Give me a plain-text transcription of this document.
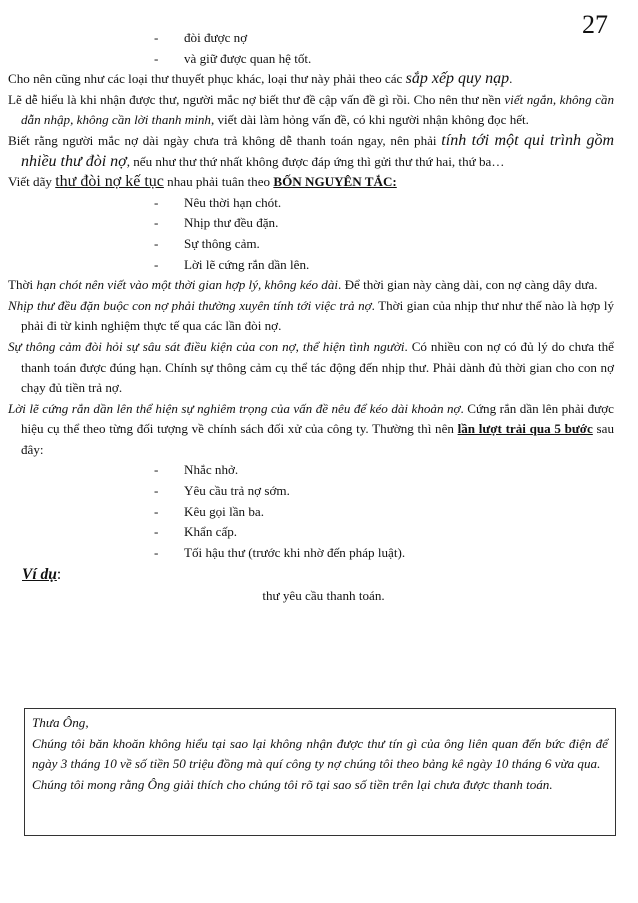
27
-	đòi được nợ
-	và giữ được quan hệ tốt.

Cho nên cũng như các loại thư thuyết phục khác, loại thư này phải theo các sắp xếp quy nạp.

Lẽ dễ hiểu là khi nhận được thư, người mắc nợ biết thư đề cập vấn đề gì rồi. Cho nên thư nền viết ngắn, không cần dẫn nhập, không cần lời thanh minh, viết dài làm hỏng vấn đề, có khi người nhận không đọc hết.

Biết rằng người mắc nợ dài ngày chưa trả không dễ thanh toán ngay, nên phải tính tới một qui trình gồm nhiều thư đòi nợ, nếu như thư thứ nhất không được đáp ứng thì gửi thư thứ hai, thứ ba…

Viết dãy thư đòi nợ kế tục nhau phải tuân theo BỐN NGUYÊN TẮC:

-	Nêu thời hạn chót.
-	Nhịp thư đều đặn.
-	Sự thông cảm.
-	Lời lẽ cứng rắn dần lên.

Thời hạn chót nên viết vào một thời gian hợp lý, không kéo dài. Để thời gian này càng dài, con nợ càng dây dưa.

Nhịp thư đều đặn buộc con nợ phải thường xuyên tính tới việc trả nợ. Thời gian của nhịp thư như thế nào là hợp lý phải đi từ kinh nghiệm thực tế qua các lần đòi nợ.

Sự thông cảm đòi hỏi sự sâu sát điều kiện của con nợ, thể hiện tình người. Có nhiều con nợ có đủ lý do chưa thể thanh toán được đúng hạn. Chính sự thông cảm cụ thể tác động đến nhịp thư. Phải dành đủ thời gian cho con nợ chạy đủ tiền trả nợ.

Lời lẽ cứng rắn dần lên thể hiện sự nghiêm trọng của vấn đề nêu để kéo dài khoản nợ. Cứng rắn dần lên phải được hiệu cụ thể theo từng đối tượng về chính sách đối xử của công ty. Thường thì nên lần lượt trải qua 5 bước sau đây:

-	Nhắc nhở.
-	Yêu cầu trả nợ sớm.
-	Kêu gọi lần ba.
-	Khẩn cấp.
-	Tối hậu thư (trước khi nhờ đến pháp luật).
Ví dụ:
thư yêu cầu thanh toán.

Thưa Ông,

Chúng tôi băn khoăn không hiểu tại sao lại không nhận được thư tín gì của ông liên quan đến bức điện để ngày 3 tháng 10 về số tiền 50 triệu đồng mà quí công ty nợ chúng tôi theo bảng kê ngày 10 tháng 6 vừa qua.

Chúng tôi mong rằng Ông giải thích cho chúng tôi rõ tại sao số tiền trên lại chưa được thanh toán.
